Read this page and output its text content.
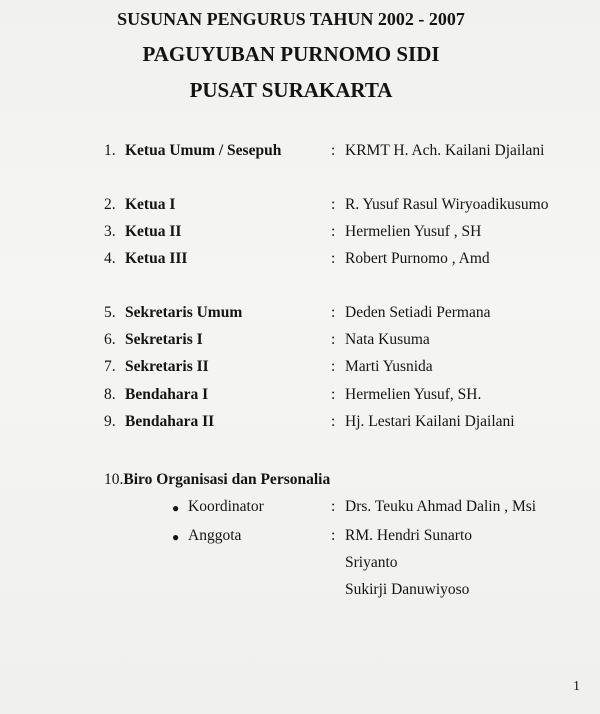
SUSUNAN PENGURUS TAHUN 2002 - 2007
PAGUYUBAN PURNOMO SIDI
PUSAT SURAKARTA
1. Ketua Umum / Sesepuh	: KRMT H. Ach. Kailani Djailani
2. Ketua I	: R. Yusuf Rasul Wiryoadikusumo
3. Ketua II	: Hermelien Yusuf , SH
4. Ketua III	: Robert Purnomo , Amd
5. Sekretaris Umum	: Deden Setiadi Permana
6. Sekretaris I	: Nata Kusuma
7. Sekretaris II	: Marti Yusnida
8. Bendahara I	: Hermelien Yusuf, SH.
9. Bendahara II	: Hj. Lestari Kailani Djailani
10.Biro Organisasi dan Personalia
● Koordinator	: Drs. Teuku Ahmad Dalin , Msi
● Anggota	: RM. Hendri Sunarto
Sriyanto
Sukirji Danuwiyoso
1
